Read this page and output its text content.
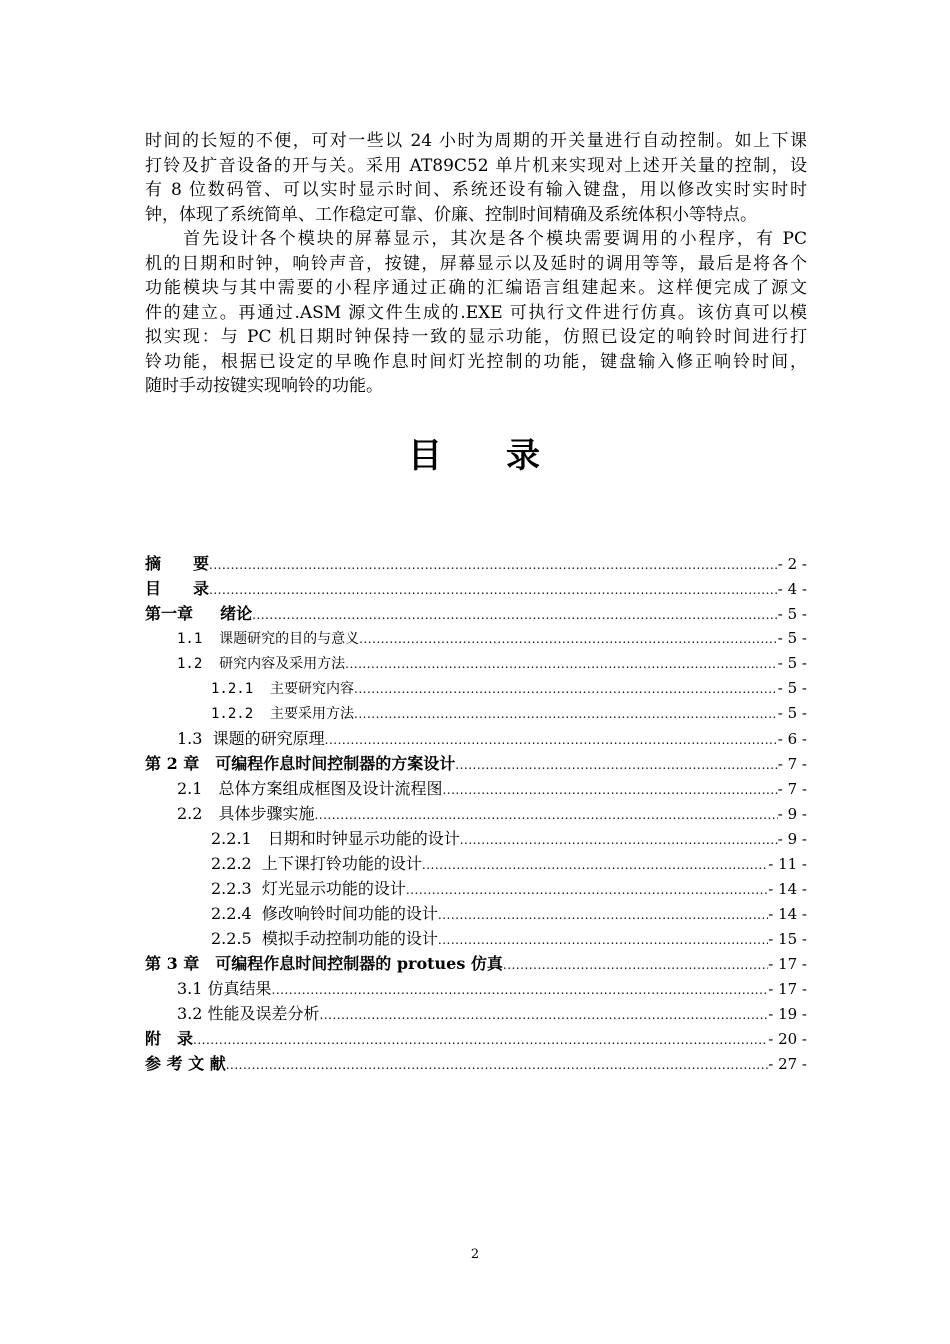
时间的长短的不便，可对一些以 24 小时为周期的开关量进行自动控制。如上下课
打铃及扩音设备的开与关。采用 AT89C52 单片机来实现对上述开关量的控制，设
有 8 位数码管、可以实时显示时间、系统还设有输入键盘，用以修改实时实时时
钟，体现了系统简单、工作稳定可靠、价廉、控制时间精确及系统体积小等特点。
　　首先设计各个模块的屏幕显示，其次是各个模块需要调用的小程序，有 PC
机的日期和时钟，响铃声音，按键，屏幕显示以及延时的调用等等，最后是将各个
功能模块与其中需要的小程序通过正确的汇编语言组建起来。这样便完成了源文
件的建立。再通过.ASM 源文件生成的.EXE 可执行文件进行仿真。该仿真可以模
拟实现：与 PC 机日期时钟保持一致的显示功能，仿照已设定的响铃时间进行打
铃功能，根据已设定的早晚作息时间灯光控制的功能，键盘输入修正响铃时间，
随时手动按键实现响铃的功能。
目 录
摘　　要 .....	- 2 -
目　　录 .....	- 4 -
第一章　  绪论 .....	- 5 -
1.1  课题研究的目的与意义 .....	- 5 -
1.2  研究内容及采用方法 .....	- 5 -
1.2.1  主要研究内容 .....	- 5 -
1.2.2  主要采用方法 .....	- 5 -
1.3  课题的研究原理 .....	- 6 -
第 2 章　可编程作息时间控制器的方案设计 .....	- 7 -
2.1　总体方案组成框图及设计流程图 .....	- 7 -
2.2　具体步骤实施 .....	- 9 -
2.2.1　日期和时钟显示功能的设计 .....	- 9 -
2.2.2  上下课打铃功能的设计 .....	- 11 -
2.2.3  灯光显示功能的设计 .....	- 14 -
2.2.4  修改响铃时间功能的设计 .....	- 14 -
2.2.5  模拟手动控制功能的设计 .....	- 15 -
第 3 章　可编程作息时间控制器的 protues 仿真 .....	- 17 -
3.1 仿真结果 .....	- 17 -
3.2 性能及误差分析 .....	- 19 -
附　录 .....	- 20 -
参 考 文 献 .....	- 27 -
2
